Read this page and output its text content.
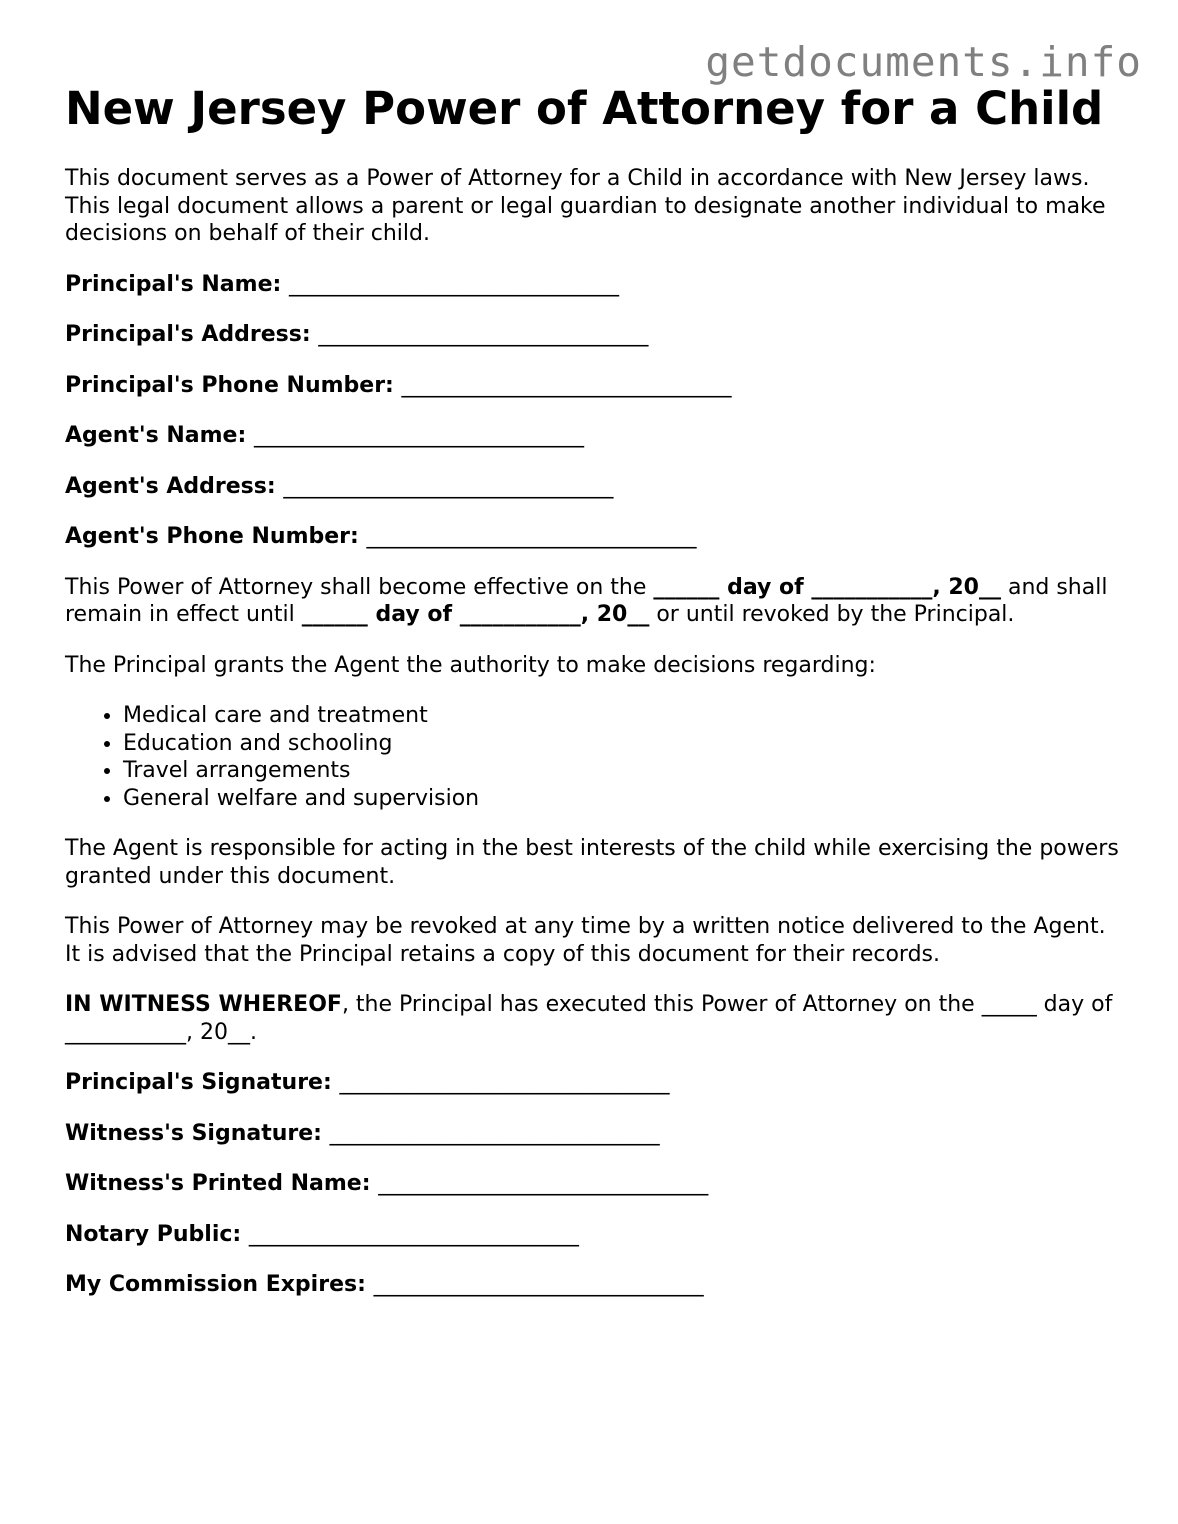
getdocuments.info
New Jersey Power of Attorney for a Child

This document serves as a Power of Attorney for a Child in accordance with New Jersey laws. This legal document allows a parent or legal guardian to designate another individual to make decisions on behalf of their child.

Principal's Name: ______________________________
Principal's Address: ______________________________
Principal's Phone Number: ______________________________
Agent's Name: ______________________________
Agent's Address: ______________________________
Agent's Phone Number: ______________________________

This Power of Attorney shall become effective on the ______ day of ___________, 20__ and shall remain in effect until ______ day of ___________, 20__ or until revoked by the Principal.

The Principal grants the Agent the authority to make decisions regarding:

• Medical care and treatment
• Education and schooling
• Travel arrangements
• General welfare and supervision

The Agent is responsible for acting in the best interests of the child while exercising the powers granted under this document.

This Power of Attorney may be revoked at any time by a written notice delivered to the Agent. It is advised that the Principal retains a copy of this document for their records.

IN WITNESS WHEREOF, the Principal has executed this Power of Attorney on the _____ day of ___________, 20__.

Principal's Signature: ______________________________
Witness's Signature: ______________________________
Witness's Printed Name: ______________________________
Notary Public: ______________________________
My Commission Expires: ______________________________
